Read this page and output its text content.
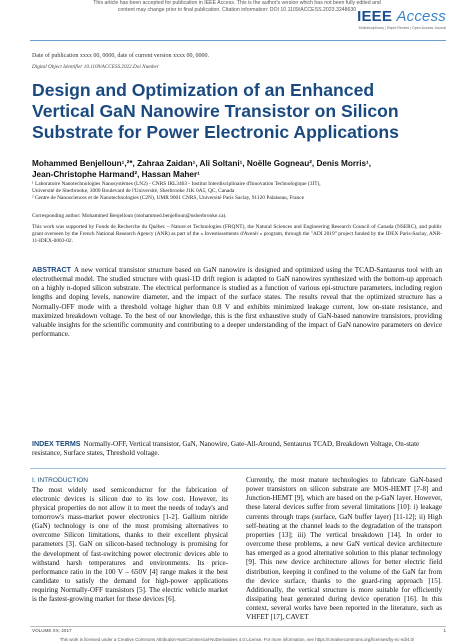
This article has been accepted for publication in IEEE Access. This is the author's version which has not been fully edited and
content may change prior to final publication. Citation information: DOI 10.1109/ACCESS.2023.3248630 IEEE Access
Multidisciplinary | Rapid Review | Open Access Journal
Date of publication xxxx 00, 0000, date of current version xxxx 00, 0000.
Digital Object Identifier 10.1109/ACCESS.2022.Doi Number
Design and Optimization of an Enhanced
Vertical GaN Nanowire Transistor on Silicon
Substrate for Power Electronic Applications
Mohammed Benjelloun¹,²*, Zahraa Zaidan¹, Ali Soltani¹, Noëlle Gogneau², Denis Morris¹,
Jean-Christophe Harmand², Hassan Maher¹
¹ Laboratoire Nanotechnologies Nanosystèmes (LN2) - CNRS IRL3463 - Institut Interdisciplinaire d'Innovation Technologique (3IT),
Université de Sherbrooke, 3000 Boulevard de l'Université, Sherbrooke J1K 0A5, QC, Canada
² Centre de Nanosciences et de Nanotechnologies (C2N), UMR 9001 CNRS, Université Paris Saclay, 91120 Palaiseau, France
Corresponding author: Mohammed Benjelloun (mohammed.benjelloun@usherbrooke.ca).
This work was supported by Fonds de Recherche du Québec – Nature et Technologies (FRQNT), the Natural Sciences and Engineering Research Council of Canada (NSERC), and public grant overseen by the French National Research Agency (ANR) as part of the « Investissements d'Avenir » program, through the "ADI 2019" project funded by the IDEX Paris-Saclay, ANR-11-IDEX-0003-02.
ABSTRACT A new vertical transistor structure based on GaN nanowire is designed and optimized using the TCAD-Santaurus tool with an electrothermal model. The studied structure with quasi-1D drift region is adapted to GaN nanowires synthesized with the bottom-up approach on a highly n-doped silicon substrate. The electrical performance is studied as a function of various epi-structure parameters, including region lengths and doping levels, nanowire diameter, and the impact of the surface states. The results reveal that the optimized structure has a Normally-OFF mode with a threshold voltage higher than 0.8 V and exhibits minimized leakage current, low on-state resistance, and maximized breakdown voltage. To the best of our knowledge, this is the first exhaustive study of GaN-based nanowire transistors, providing valuable insights for the scientific community and contributing to a deeper understanding of the impact of GaN nanowire parameters on device performance.
INDEX TERMS Normally-OFF, Vertical transistor, GaN, Nanowire, Gate-All-Around, Sentaurus TCAD, Breakdown Voltage, On-state resistance, Surface states, Threshold voltage.
I. INTRODUCTION

The most widely used semiconductor for the fabrication of electronic devices is silicon due to its low cost. However, its physical properties do not allow it to meet the needs of today's and tomorrow's mass-market power electronics [1-2]. Gallium nitride (GaN) technology is one of the most promising alternatives to overcome Silicon limitations, thanks to their excellent physical parameters [3]. GaN on silicon-based technology is promising for the development of fast-switching power electronic devices able to withstand harsh temperatures and environments. Its price-performance ratio in the 100 V – 650V [4] range makes it the best candidate to satisfy the demand for high-power applications requiring Normally-OFF transistors [5]. The electric vehicle market is the fastest-growing market for these devices [6].

Currently, the most mature technologies to fabricate GaN-based power transistors on silicon substrate are MOS-HEMT [7-8] and Junction-HEMT [9], which are based on the p-GaN layer. However, these lateral devices suffer from several limitations [10]: i) leakage currents through traps (surface, GaN buffer layer) [11-12]; ii) High self-heating at the channel leads to the degradation of the transport properties [13]; iii) The vertical breakdown [14]. In order to overcome these problems, a new GaN vertical device architecture has emerged as a good alternative solution to this planar technology [9]. This new device architecture allows for better electric field distribution, keeping it confined to the volume of the GaN far from the device surface, thanks to the guard-ring approach [15]. Additionally, the vertical structure is more suitable for efficiently dissipating heat generated during device operation [16]. In this context, several works have been reported in the literature, such as VHFET [17], CAVET

VOLUME XX, 2017	1
This work is licensed under a Creative Commons Attribution-NonCommercial-NoDerivatives 4.0 License. For more information, see https://creativecommons.org/licenses/by-nc-nd/4.0/
